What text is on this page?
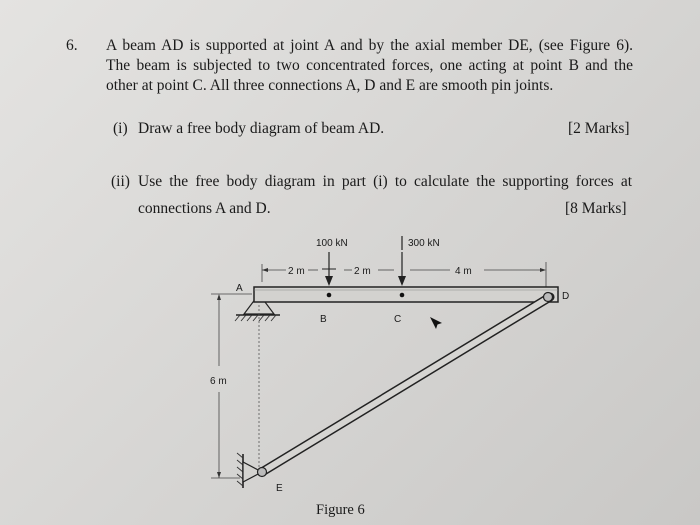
6. A beam AD is supported at joint A and by the axial member DE, (see Figure 6).
The beam is subjected to two concentrated forces, one acting at point B and the
other at point C. All three connections A, D and E are smooth pin joints.
(i) Draw a free body diagram of beam AD.	[2 Marks]
(ii) Use the free body diagram in part (i) to calculate the supporting forces at
connections A and D.	[8 Marks]
100 kN	300 kN
2 m	2 m	4 m
6 m
A
B	C
D
E
Figure 6
